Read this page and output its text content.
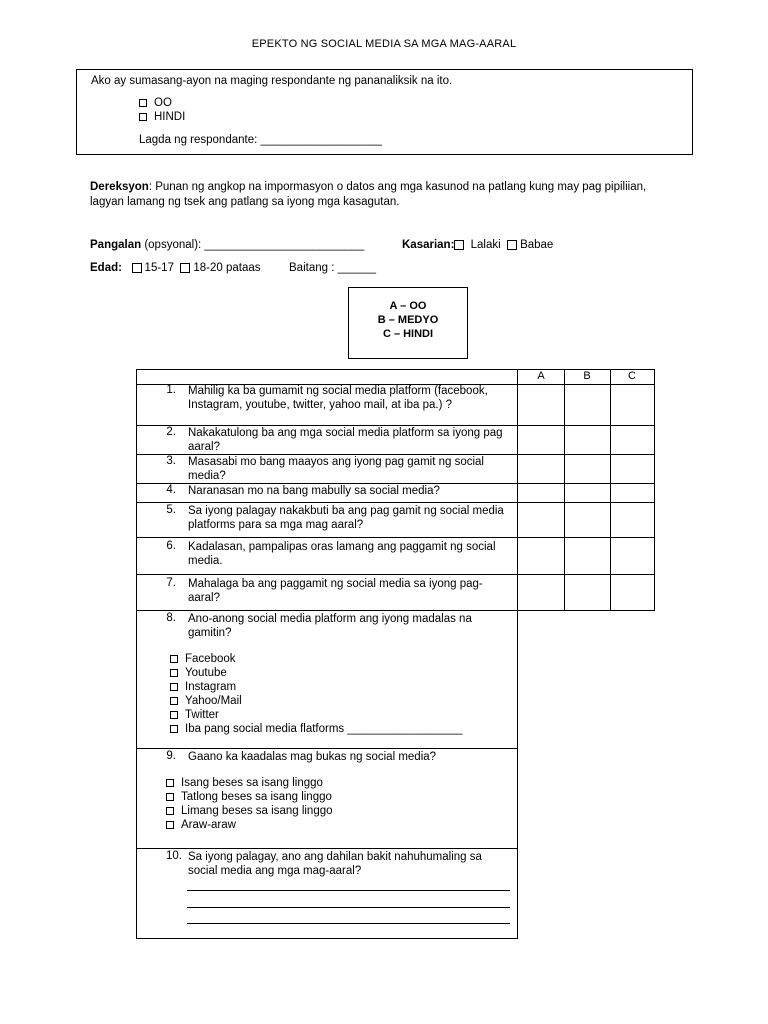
EPEKTO NG SOCIAL MEDIA SA MGA MAG-AARAL
Ako ay sumasang-ayon na maging respondante ng pananaliksik na ito.
OO
HINDI
Lagda ng respondante: ___________________
Dereksyon: Punan ng angkop na impormasyon o datos ang mga kasunod na patlang kung may pag pipiliian, lagyan lamang ng tsek ang patlang sa iyong mga kasagutan.
Pangalan (opsyonal): _________________________	Kasarian: Lalaki Babae
Edad: 15-17 18-20 pataas Baitang : ______
A – OO
B – MEDYO
C – HINDI
A	B	C
1. Mahilig ka ba gumamit ng social media platform (facebook, Instagram, youtube, twitter, yahoo mail, at iba pa.) ?
2. Nakakatulong ba ang mga social media platform sa iyong pag aaral?
3. Masasabi mo bang maayos ang iyong pag gamit ng social media?
4. Naranasan mo na bang mabully sa social media?
5. Sa iyong palagay nakakbuti ba ang pag gamit ng social media platforms para sa mga mag aaral?
6. Kadalasan, pampalipas oras lamang ang paggamit ng social media.
7. Mahalaga ba ang paggamit ng social media sa iyong pag-aaral?
8. Ano-anong social media platform ang iyong madalas na gamitin?
Facebook
Youtube
Instagram
Yahoo/Mail
Twitter
Iba pang social media flatforms __________________
9. Gaano ka kaadalas mag bukas ng social media?
Isang beses sa isang linggo
Tatlong beses sa isang linggo
Limang beses sa isang linggo
Araw-araw
10. Sa iyong palagay, ano ang dahilan bakit nahuhumaling sa social media ang mga mag-aaral?
